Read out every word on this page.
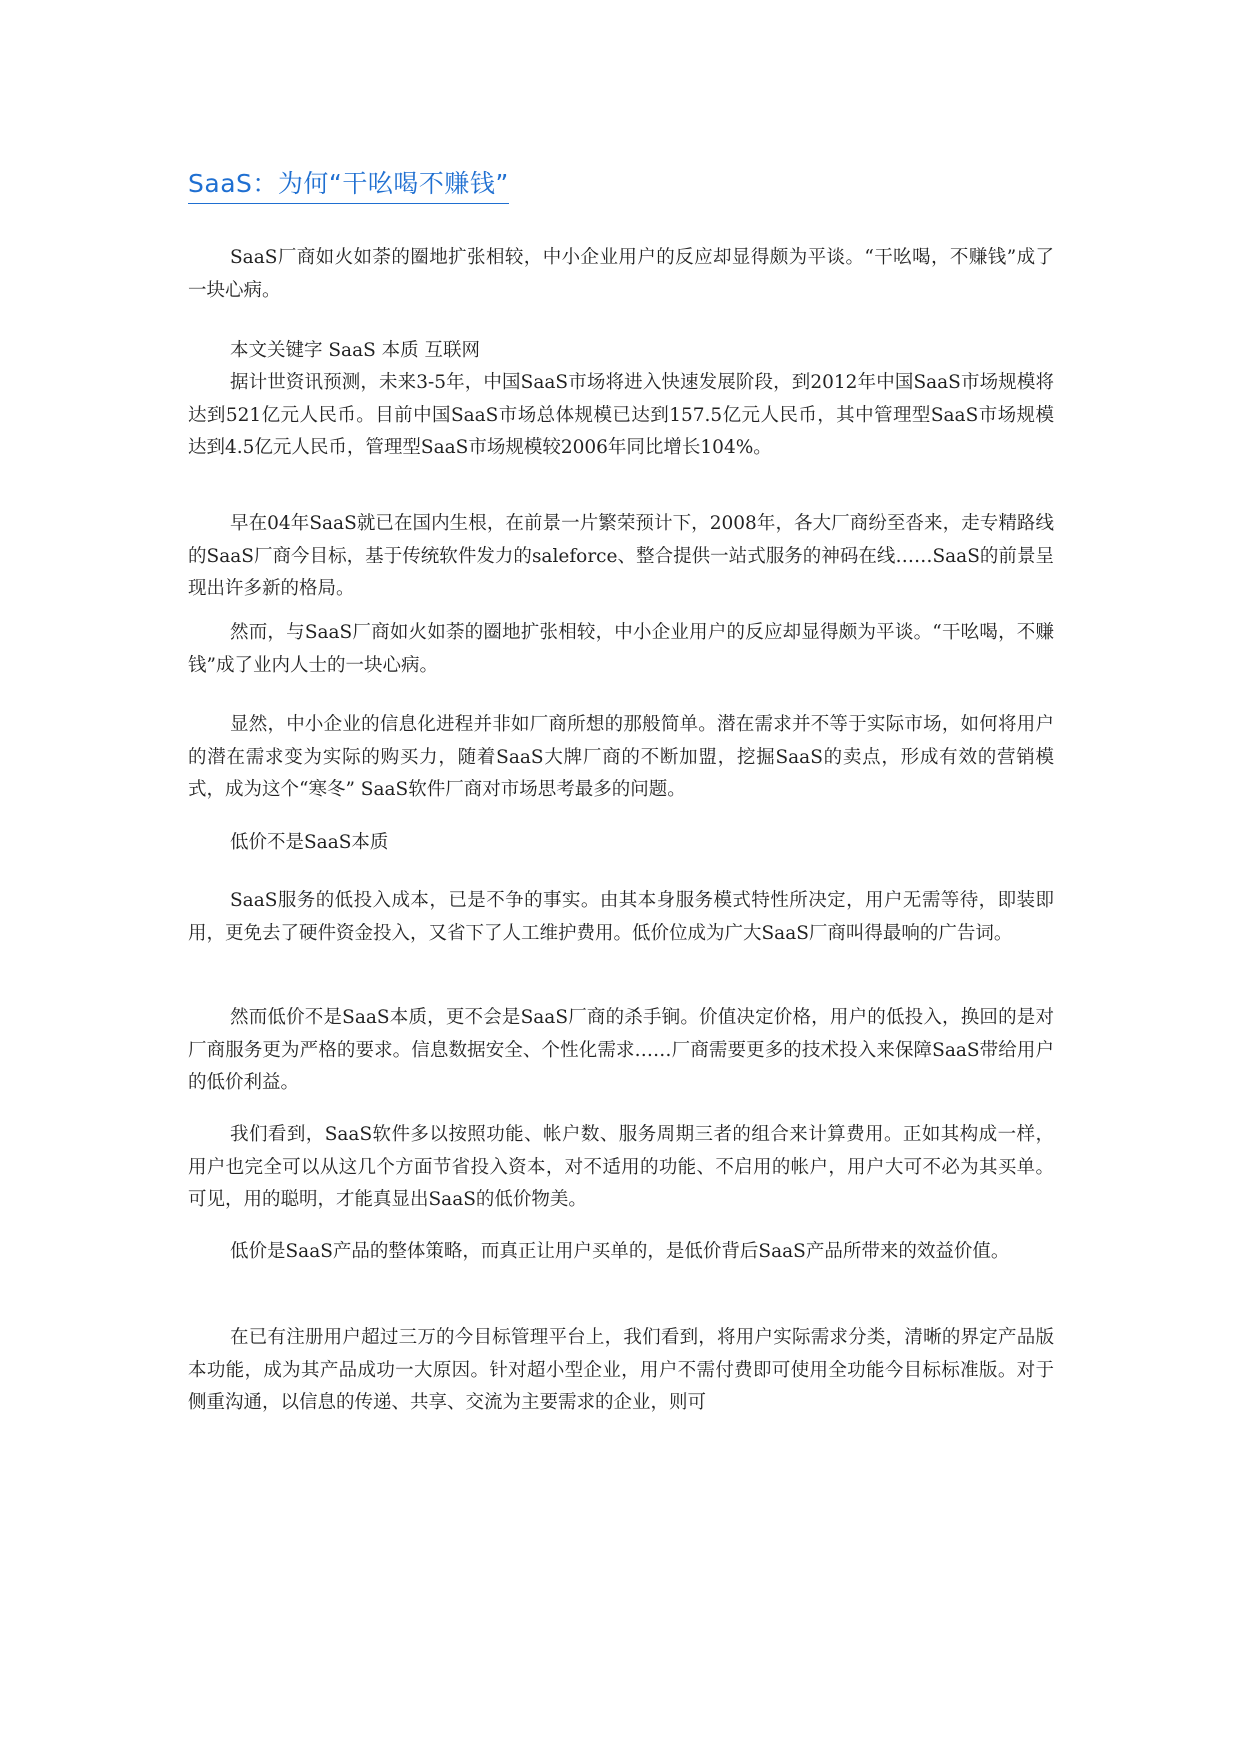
SaaS：为何“干吆喝不赚钱”

SaaS厂商如火如荼的圈地扩张相较，中小企业用户的反应却显得颇为平谈。“干吆喝，不赚钱”成了一块心病。

本文关键字 SaaS 本质 互联网

据计世资讯预测，未来3-5年，中国SaaS市场将进入快速发展阶段，到2012年中国SaaS市场规模将达到521亿元人民币。目前中国SaaS市场总体规模已达到157.5亿元人民币，其中管理型SaaS市场规模达到4.5亿元人民币，管理型SaaS市场规模较2006年同比增长104%。

早在04年SaaS就已在国内生根，在前景一片繁荣预计下，2008年，各大厂商纷至沓来，走专精路线的SaaS厂商今目标，基于传统软件发力的saleforce、整合提供一站式服务的神码在线……SaaS的前景呈现出许多新的格局。

然而，与SaaS厂商如火如荼的圈地扩张相较，中小企业用户的反应却显得颇为平谈。“干吆喝，不赚钱”成了业内人士的一块心病。

显然，中小企业的信息化进程并非如厂商所想的那般简单。潜在需求并不等于实际市场，如何将用户的潜在需求变为实际的购买力，随着SaaS大牌厂商的不断加盟，挖掘SaaS的卖点，形成有效的营销模式，成为这个“寒冬” SaaS软件厂商对市场思考最多的问题。

低价不是SaaS本质

SaaS服务的低投入成本，已是不争的事实。由其本身服务模式特性所决定，用户无需等待，即装即用，更免去了硬件资金投入，又省下了人工维护费用。低价位成为广大SaaS厂商叫得最响的广告词。

然而低价不是SaaS本质，更不会是SaaS厂商的杀手锏。价值决定价格，用户的低投入，换回的是对厂商服务更为严格的要求。信息数据安全、个性化需求……厂商需要更多的技术投入来保障SaaS带给用户的低价利益。

我们看到，SaaS软件多以按照功能、帐户数、服务周期三者的组合来计算费用。正如其构成一样，用户也完全可以从这几个方面节省投入资本，对不适用的功能、不启用的帐户，用户大可不必为其买单。可见，用的聪明，才能真显出SaaS的低价物美。

低价是SaaS产品的整体策略，而真正让用户买单的，是低价背后SaaS产品所带来的效益价值。

在已有注册用户超过三万的今目标管理平台上，我们看到，将用户实际需求分类，清晰的界定产品版本功能，成为其产品成功一大原因。针对超小型企业，用户不需付费即可使用全功能今目标标准版。对于侧重沟通，以信息的传递、共享、交流为主要需求的企业，则可
